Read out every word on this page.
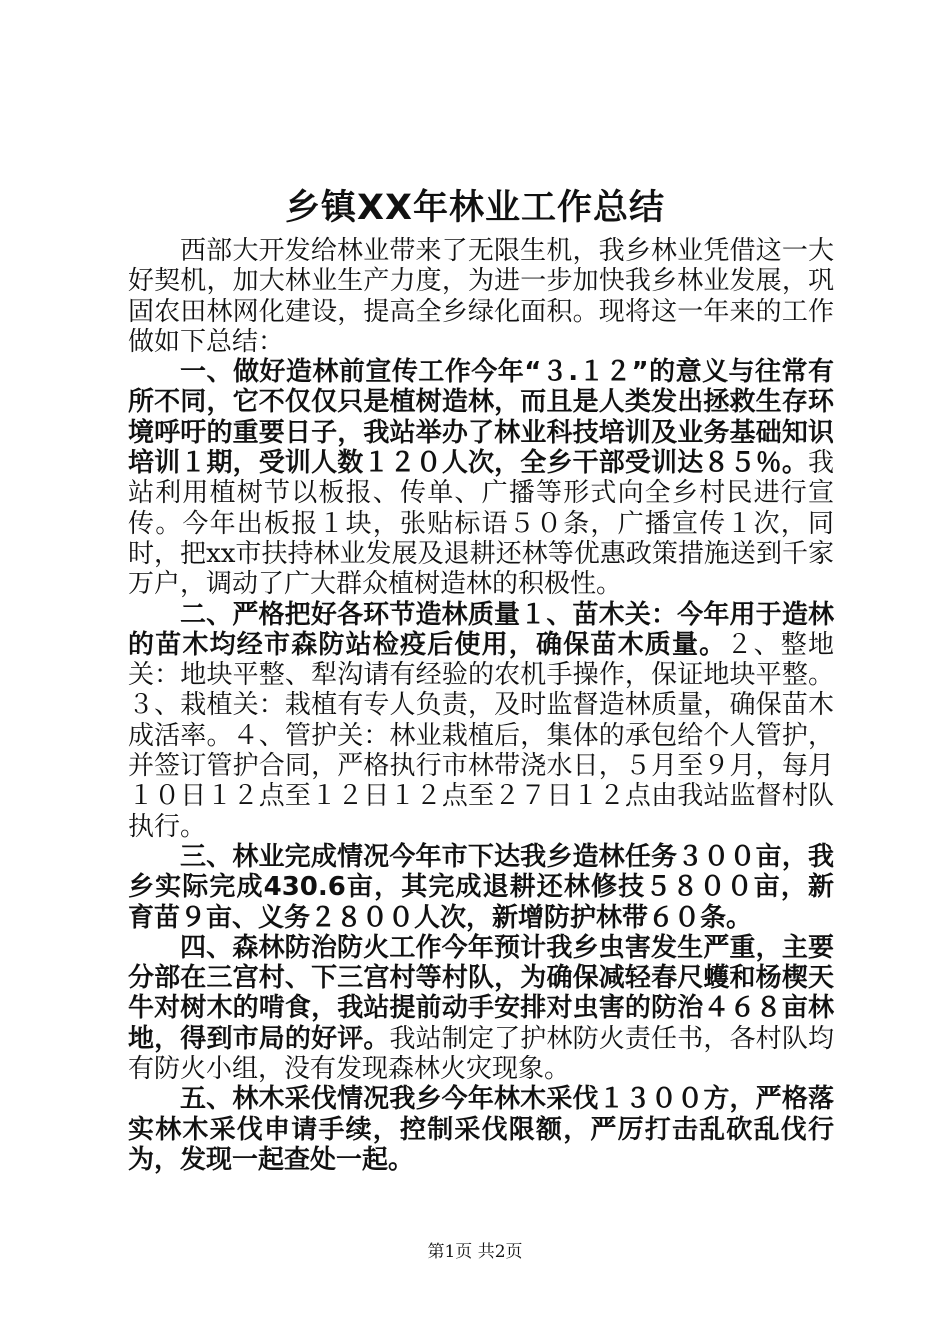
乡镇XX年林业工作总结

西部大开发给林业带来了无限生机，我乡林业凭借这一大好契机，加大林业生产力度，为进一步加快我乡林业发展，巩固农田林网化建设，提高全乡绿化面积。现将这一年来的工作做如下总结：

一、做好造林前宣传工作今年“３.１２”的意义与往常有所不同，它不仅仅只是植树造林，而且是人类发出拯救生存环境呼吁的重要日子，我站举办了林业科技培训及业务基础知识培训１期，受训人数１２０人次，全乡干部受训达８５％。我站利用植树节以板报、传单、广播等形式向全乡村民进行宣传。今年出板报１块，张贴标语５０条，广播宣传１次，同时，把xx市扶持林业发展及退耕还林等优惠政策措施送到千家万户，调动了广大群众植树造林的积极性。

二、严格把好各环节造林质量１、苗木关：今年用于造林的苗木均经市森防站检疫后使用，确保苗木质量。２、整地关：地块平整、犁沟请有经验的农机手操作，保证地块平整。３、栽植关：栽植有专人负责，及时监督造林质量，确保苗木成活率。４、管护关：林业栽植后，集体的承包给个人管护，并签订管护合同，严格执行市林带浇水日，５月至９月，每月１０日１２点至１２日１２点至２７日１２点由我站监督村队执行。

三、林业完成情况今年市下达我乡造林任务３００亩，我乡实际完成430.6亩，其完成退耕还林修技５８００亩，新育苗９亩、义务２８００人次，新增防护林带６０条。

四、森林防治防火工作今年预计我乡虫害发生严重，主要分部在三宫村、下三宫村等村队，为确保减轻春尺蠖和杨楔天牛对树木的啃食，我站提前动手安排对虫害的防治４６８亩林地，得到市局的好评。我站制定了护林防火责任书，各村队均有防火小组，没有发现森林火灾现象。

五、林木采伐情况我乡今年林木采伐１３００方，严格落实林木采伐申请手续，控制采伐限额，严厉打击乱砍乱伐行为，发现一起查处一起。

第1页 共2页
